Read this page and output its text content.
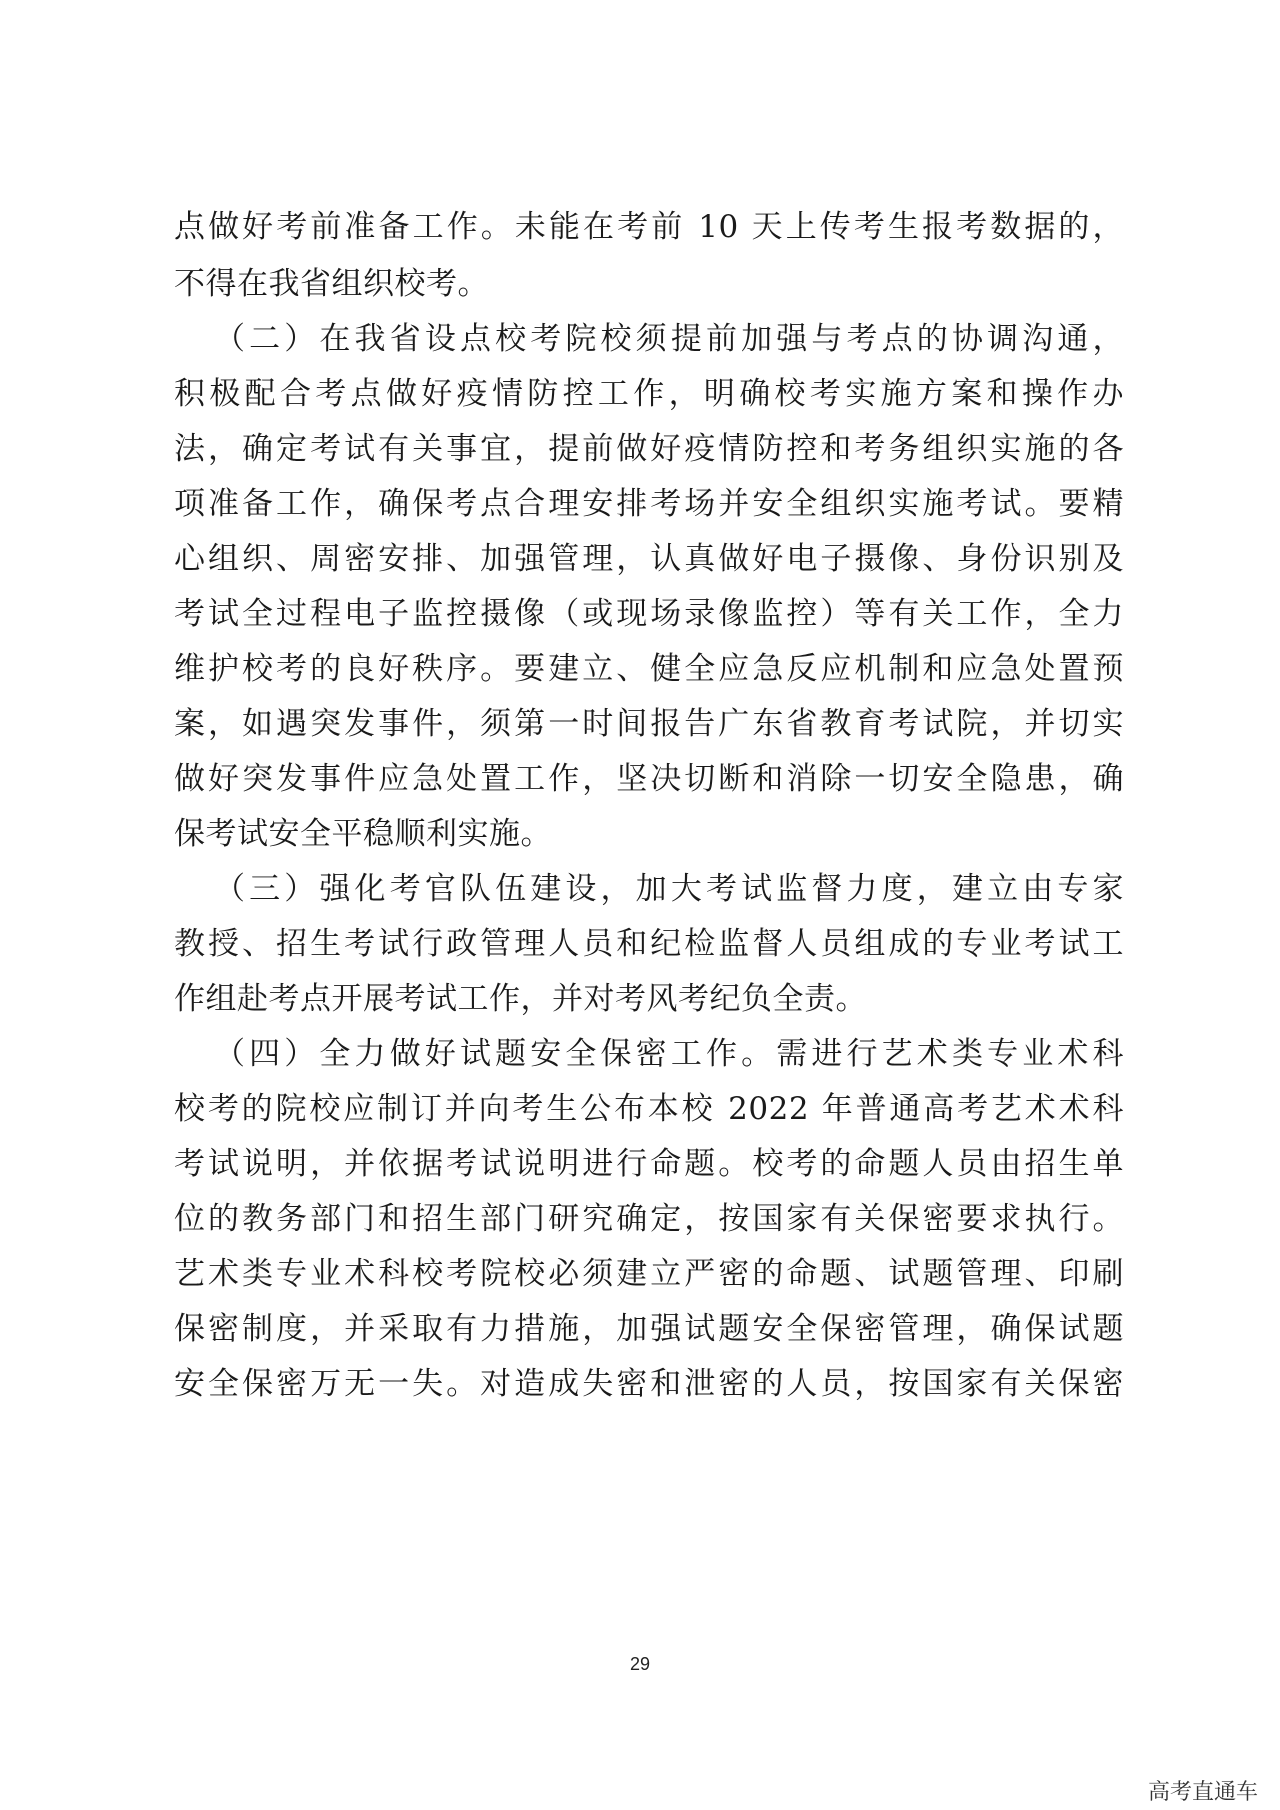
点做好考前准备工作。未能在考前 10 天上传考生报考数据的，
不得在我省组织校考。
（二）在我省设点校考院校须提前加强与考点的协调沟通，
积极配合考点做好疫情防控工作，明确校考实施方案和操作办
法，确定考试有关事宜，提前做好疫情防控和考务组织实施的各
项准备工作，确保考点合理安排考场并安全组织实施考试。要精
心组织、周密安排、加强管理，认真做好电子摄像、身份识别及
考试全过程电子监控摄像（或现场录像监控）等有关工作，全力
维护校考的良好秩序。要建立、健全应急反应机制和应急处置预
案，如遇突发事件，须第一时间报告广东省教育考试院，并切实
做好突发事件应急处置工作，坚决切断和消除一切安全隐患，确
保考试安全平稳顺利实施。
（三）强化考官队伍建设，加大考试监督力度，建立由专家
教授、招生考试行政管理人员和纪检监督人员组成的专业考试工
作组赴考点开展考试工作，并对考风考纪负全责。
（四）全力做好试题安全保密工作。需进行艺术类专业术科
校考的院校应制订并向考生公布本校 2022 年普通高考艺术术科
考试说明，并依据考试说明进行命题。校考的命题人员由招生单
位的教务部门和招生部门研究确定，按国家有关保密要求执行。
艺术类专业术科校考院校必须建立严密的命题、试题管理、印刷
保密制度，并采取有力措施，加强试题安全保密管理，确保试题
安全保密万无一失。对造成失密和泄密的人员，按国家有关保密
29
高考直通车
